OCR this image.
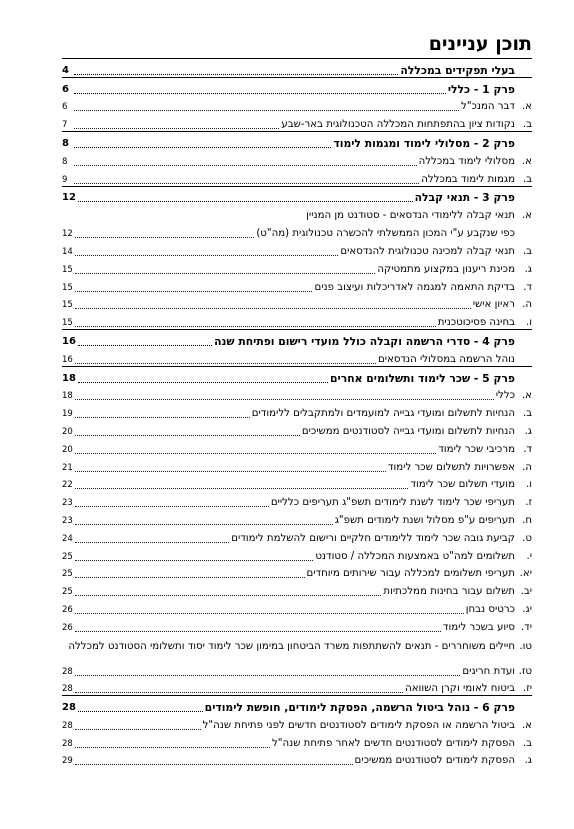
תוכן עניינים
בעלי תפקידים במכללה
4
פרק 1 - כללי
6
א.
דבר המנכ"ל
6
ב.
נקודות ציון בהתפתחות המכללה הטכנולוגית באר-שבע
7
פרק 2 - מסלולי לימוד ומגמות לימוד
8
א.
מסלולי לימוד במכללה
8
ב.
מגמות לימוד במכללה
9
פרק 3 - תנאי קבלה
12
א.
תנאי קבלה ללימודי הנדסאים - סטודנט מן המניין
כפי שנקבע ע"י המכון הממשלתי להכשרה טכנולוגית (מה"ט)
12
ב.
תנאי קבלה למכינה טכנולוגית להנדסאים
14
ג.
מכינת ריענון במקצוע מתמטיקה
15
ד.
בדיקת התאמה למגמה לאדריכלות ועיצוב פנים
15
ה.
ראיון אישי
15
ו.
בחינה פסיכוטכנית
15
פרק 4 - סדרי הרשמה וקבלה כולל מועדי רישום ופתיחת שנה
16
נוהל הרשמה במסלולי הנדסאים
16
פרק 5 - שכר לימוד ותשלומים אחרים
18
א.
כללי
18
ב.
הנחיות לתשלום ומועדי גבייה למועמדים ולמתקבלים ללימודים
19
ג.
הנחיות לתשלום ומועדי גבייה לסטודנטים ממשיכים
20
ד.
מרכיבי שכר לימוד
20
ה.
אפשרויות לתשלום שכר לימוד
21
ו.
מועדי תשלום שכר לימוד
22
ז.
תעריפי שכר לימוד לשנת לימודים תשפ"ג תעריפים כלליים
23
ח.
תעריפים ע"פ מסלול ושנת לימודים תשפ"ג
23
ט.
קביעת גובה שכר לימוד ללימודים חלקיים ורישום להשלמת לימודים
24
י.
תשלומים למה"ט באמצעות המכללה / סטודנט
25
יא.
תעריפי תשלומים למכללה עבור שירותים מיוחדים
25
יב.
תשלום עבור בחינות ממלכתיות
25
יג.
כרטיס נבחן
26
יד.
סיוע בשכר לימוד
26
טו.
חיילים משוחררים - תנאים להשתתפות משרד הביטחון במימון שכר לימוד יסוד ותשלומי הסטודנט למכללה
טז.
ועדת חריגים
28
יז.
ביטוח לאומי וקרן השוואה
28
פרק 6 - נוהל ביטול הרשמה, הפסקת לימודים, חופשת לימודים
28
א.
ביטול הרשמה או הפסקת לימודים לסטודנטים חדשים לפני פתיחת שנה"ל
28
ב.
הפסקת לימודים לסטודנטים חדשים לאחר פתיחת שנה"ל
28
ג.
הפסקת לימודים לסטודנטים ממשיכים
29
